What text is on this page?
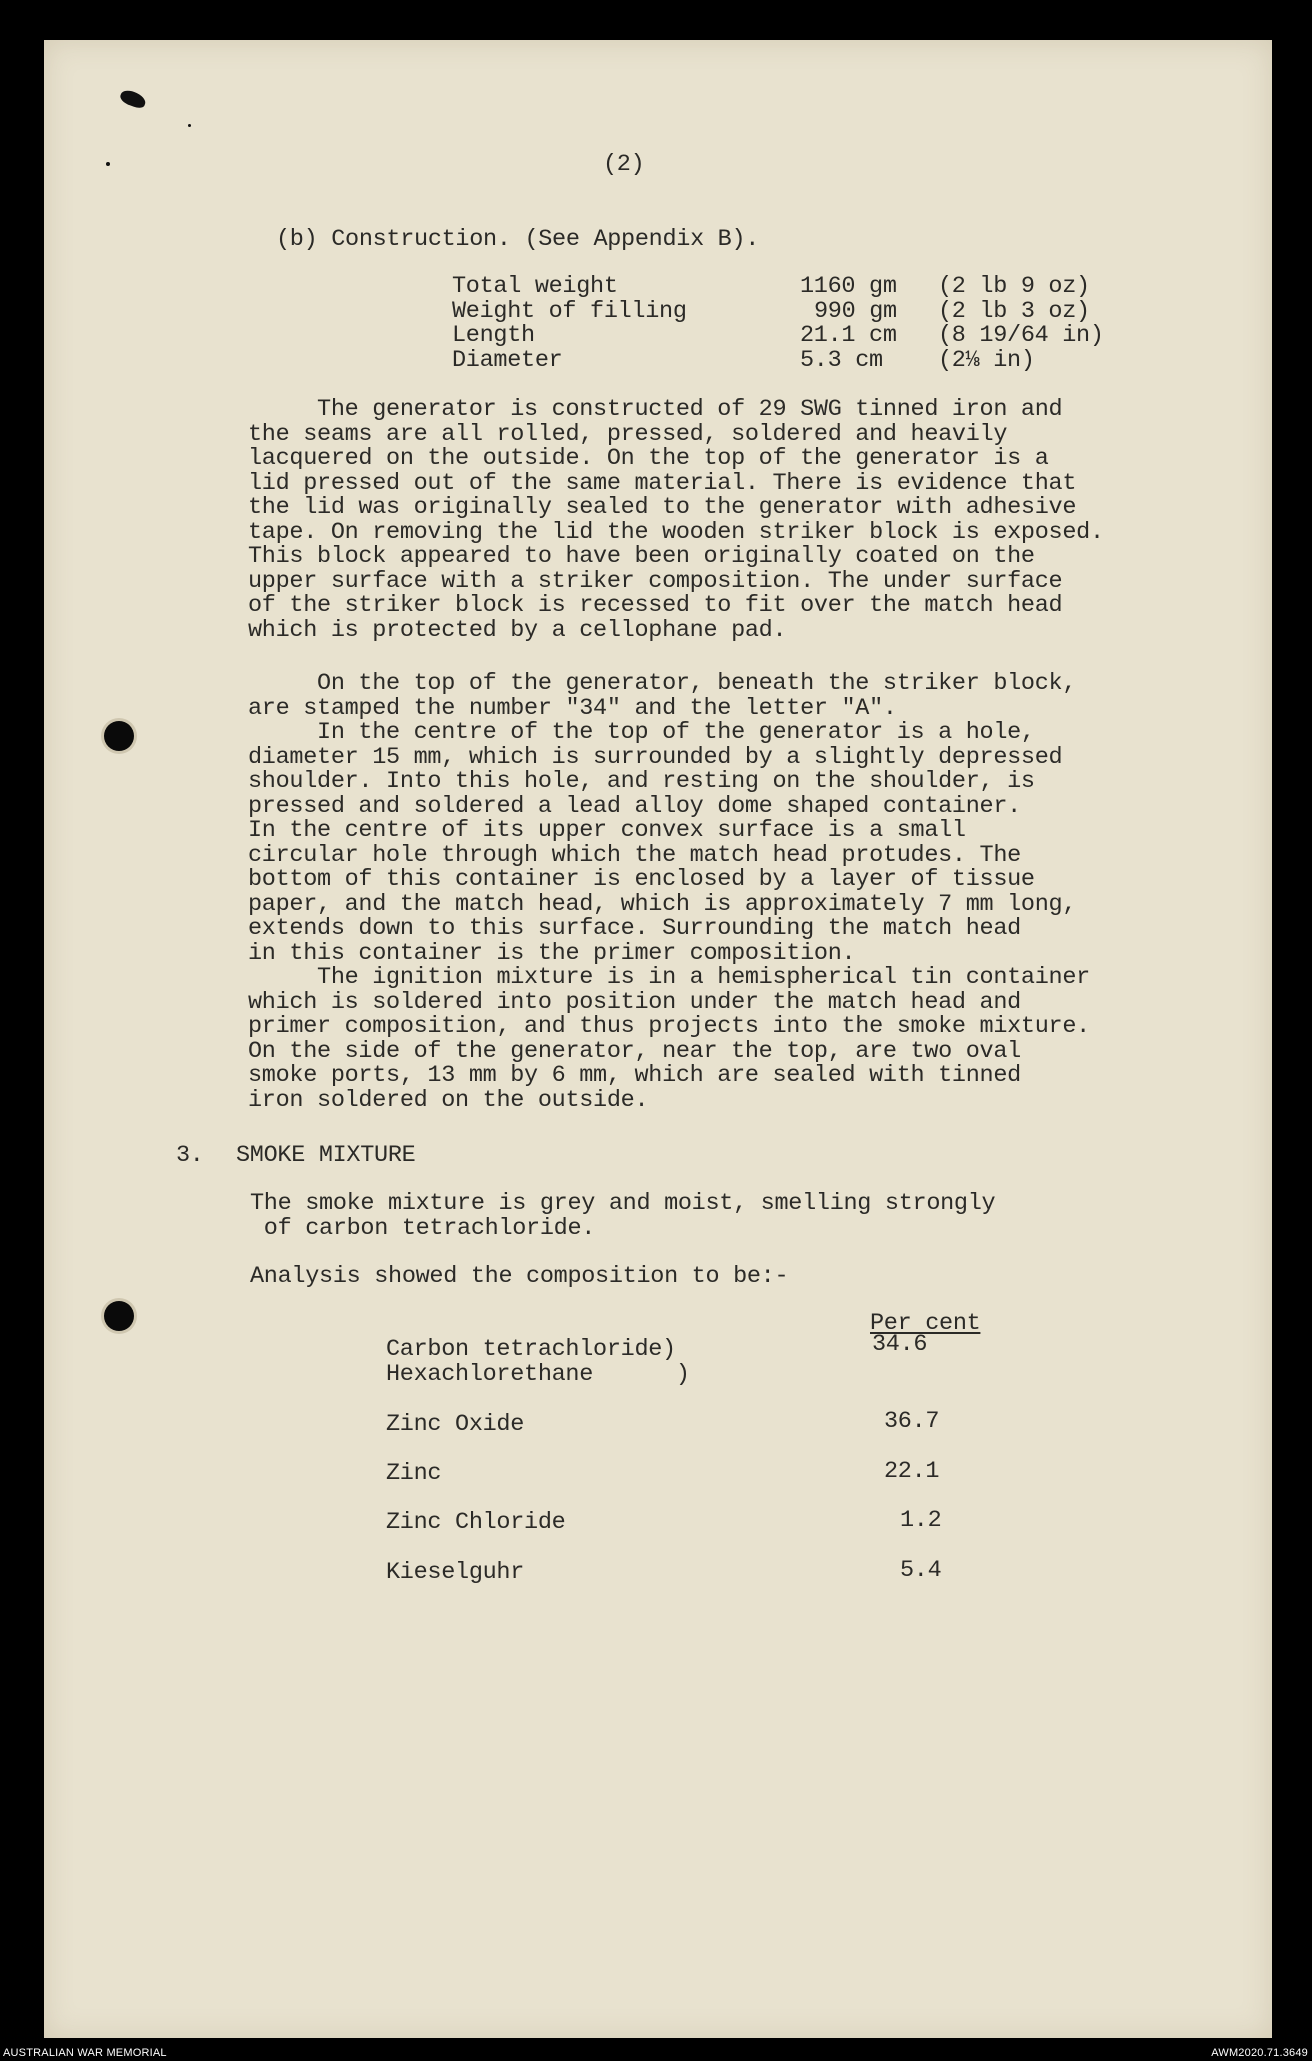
(2)
(b) Construction. (See Appendix B).
Total weight	1160 gm (2 lb 9 oz)
Weight of filling	990 gm (2 lb 3 oz)
Length	21.1 cm (8 19/64 in)
Diameter	5.3 cm (2⅛ in)
The generator is constructed of 29 SWG tinned iron and
the seams are all rolled, pressed, soldered and heavily
lacquered on the outside. On the top of the generator is a
lid pressed out of the same material. There is evidence that
the lid was originally sealed to the generator with adhesive
tape. On removing the lid the wooden striker block is exposed.
This block appeared to have been originally coated on the
upper surface with a striker composition. The under surface
of the striker block is recessed to fit over the match head
which is protected by a cellophane pad.
On the top of the generator, beneath the striker block,
are stamped the number "34" and the letter "A".
In the centre of the top of the generator is a hole,
diameter 15 mm, which is surrounded by a slightly depressed
shoulder. Into this hole, and resting on the shoulder, is
pressed and soldered a lead alloy dome shaped container.
In the centre of its upper convex surface is a small
circular hole through which the match head protudes. The
bottom of this container is enclosed by a layer of tissue
paper, and the match head, which is approximately 7 mm long,
extends down to this surface. Surrounding the match head
in this container is the primer composition.
The ignition mixture is in a hemispherical tin container
which is soldered into position under the match head and
primer composition, and thus projects into the smoke mixture.
On the side of the generator, near the top, are two oval
smoke ports, 13 mm by 6 mm, which are sealed with tinned
iron soldered on the outside.
3. SMOKE MIXTURE
The smoke mixture is grey and moist, smelling strongly
of carbon tetrachloride.
Analysis showed the composition to be:-
Per cent
Carbon tetrachloride)	34.6
Hexachlorethane      )
Zinc Oxide	36.7
Zinc	22.1
Zinc Chloride	1.2
Kieselguhr	5.4
AUSTRALIAN WAR MEMORIAL	AWM2020.71.3649
